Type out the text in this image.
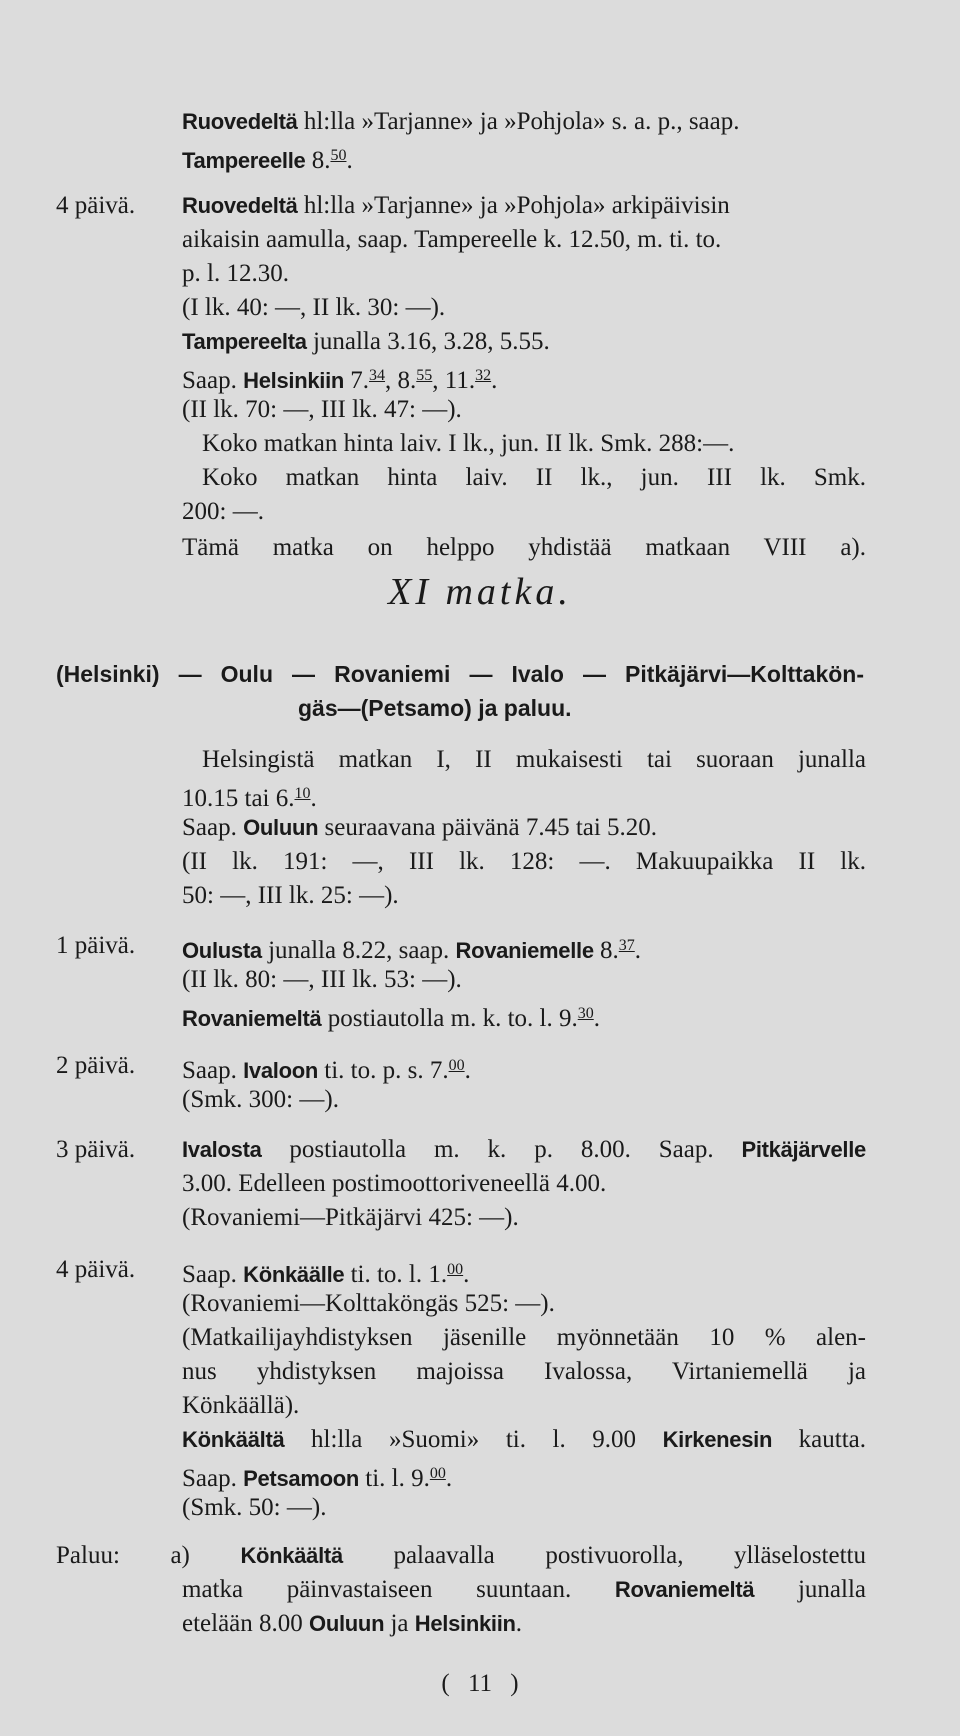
Ruovedeltä hl:lla »Tarjanne» ja »Pohjola» s. a. p., saap.
Tampereelle 8.50.
4 päivä. Ruovedeltä hl:lla »Tarjanne» ja »Pohjola» arkipäivisin
aikaisin aamulla, saap. Tampereelle k. 12.50, m. ti. to.
p. l. 12.30.
(I lk. 40: —, II lk. 30: —).
Tampereelta junalla 3.16, 3.28, 5.55.
Saap. Helsinkiin 7.34, 8.55, 11.32.
(II lk. 70: —, III lk. 47: —).
Koko matkan hinta laiv. I lk., jun. II lk. Smk. 288:—.
Koko matkan hinta laiv. II lk., jun. III lk. Smk.
200: —.
Tämä matka on helppo yhdistää matkaan VIII a).
XI matka.
(Helsinki) — Oulu — Rovaniemi — Ivalo — Pitkäjärvi—Kolttakön-
gäs—(Petsamo) ja paluu.
Helsingistä matkan I, II mukaisesti tai suoraan junalla
10.15 tai 6.10.
Saap. Ouluun seuraavana päivänä 7.45 tai 5.20.
(II lk. 191: —, III lk. 128: —. Makuupaikka II lk.
50: —, III lk. 25: —).
1 päivä. Oulusta junalla 8.22, saap. Rovaniemelle 8.37.
(II lk. 80: —, III lk. 53: —).
Rovaniemeltä postiautolla m. k. to. l. 9.30.
2 päivä. Saap. Ivaloon ti. to. p. s. 7.00.
(Smk. 300: —).
3 päivä. Ivalosta postiautolla m. k. p. 8.00. Saap. Pitkäjärvelle
3.00. Edelleen postimoottoriveneellä 4.00.
(Rovaniemi—Pitkäjärvi 425: —).
4 päivä. Saap. Könkäälle ti. to. l. 1.00.
(Rovaniemi—Kolttaköngäs 525: —).
(Matkailijayhdistyksen jäsenille myönnetään 10 % alen-
nus yhdistyksen majoissa Ivalossa, Virtaniemellä ja
Könkäällä).
Könkäältä hl:lla »Suomi» ti. l. 9.00 Kirkenesin kautta.
Saap. Petsamoon ti. l. 9.00.
(Smk. 50: —).
Paluu: a) Könkäältä palaavalla postivuorolla, ylläselostettu
matka päinvastaiseen suuntaan. Rovaniemeltä junalla
etelään 8.00 Ouluun ja Helsinkiin.
( 11 )
